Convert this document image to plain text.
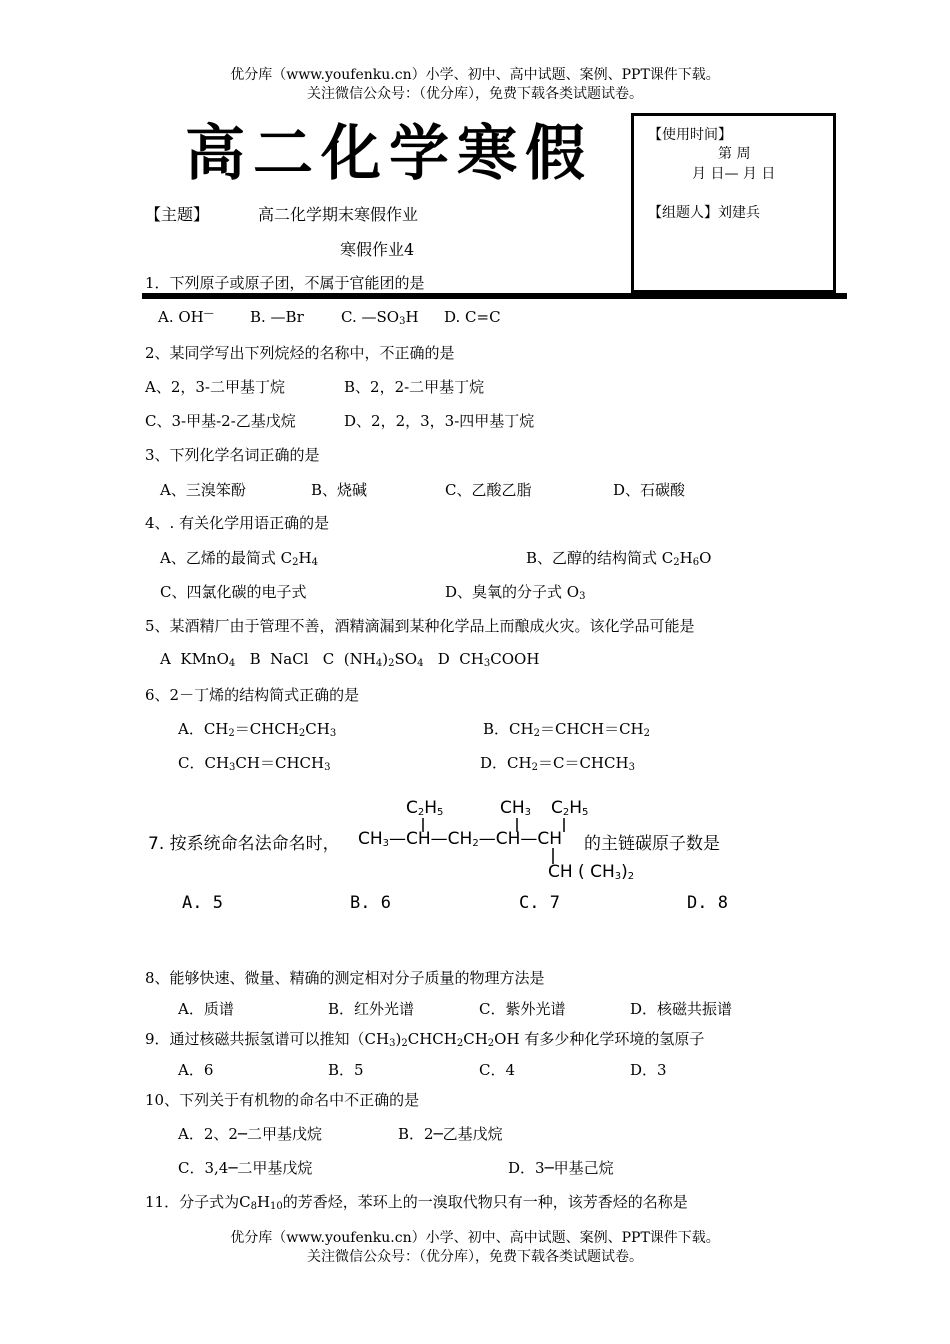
优分库（www.youfenku.cn）小学、初中、高中试题、案例、PPT课件下载。
关注微信公众号：（优分库），免费下载各类试题试卷。
高二化学寒假	【使用时间】
第 周
月 日— 月 日
【组题人】刘建兵
【主题】	高二化学期末寒假作业
寒假作业4
1．下列原子或原子团，不属于官能团的是
A. OH— B. —Br C. $—SO_3H$ D. C=C
2、某同学写出下列烷烃的名称中，不正确的是
A、2，3-二甲基丁烷	B、2，2-二甲基丁烷
C、3-甲基-2-乙基戊烷	D、2，2，3，3-四甲基丁烷
3、下列化学名词正确的是
A、三溴笨酚	B、烧碱	C、乙酸乙脂	D、石碳酸
4、. 有关化学用语正确的是
A、乙烯的最简式 $C_2H_4$	B、乙醇的结构简式 $C_2H_6O$
C、四氯化碳的电子式	D、臭氧的分子式 $O_3$
5、某酒精厂由于管理不善，酒精滴漏到某种化学品上而酿成火灾。该化学品可能是
A  KMnO$_4$   B  NaCl   C  $(NH_4)_2SO_4$   D  $CH_3COOH$
6、2－丁烯的结构简式正确的是
A．$CH_2=CHCH_2CH_3$	B．$CH_2=CHCH=CH_2$
C．$CH_3CH=CHCH_3$	D．$CH_2=C=CHCH_3$
7. 按系统命名法命名时， $CH_3—CH—CH_2—CH—CH$ 的主链碳原子数是
$C_2H_5$	$CH_3$ $C_2H_5$
CH ( $CH_3)_2$
A. 5	B. 6	C. 7	D. 8
8、能够快速、微量、精确的测定相对分子质量的物理方法是
A．质谱	B．红外光谱	C．紫外光谱	D．核磁共振谱
9．通过核磁共振氢谱可以推知$(CH_3)_2CHCH_2CH_2OH$ 有多少种化学环境的氢原子
A．6	B．5	C．4	D．3
10、下列关于有机物的命名中不正确的是
A．2、2─二甲基戊烷	B．2─乙基戊烷
C．3,4─二甲基戊烷	D．3─甲基己烷
11．分子式为$C_8H_{10}$的芳香烃，苯环上的一溴取代物只有一种，该芳香烃的名称是
优分库（www.youfenku.cn）小学、初中、高中试题、案例、PPT课件下载。
关注微信公众号：（优分库），免费下载各类试题试卷。
